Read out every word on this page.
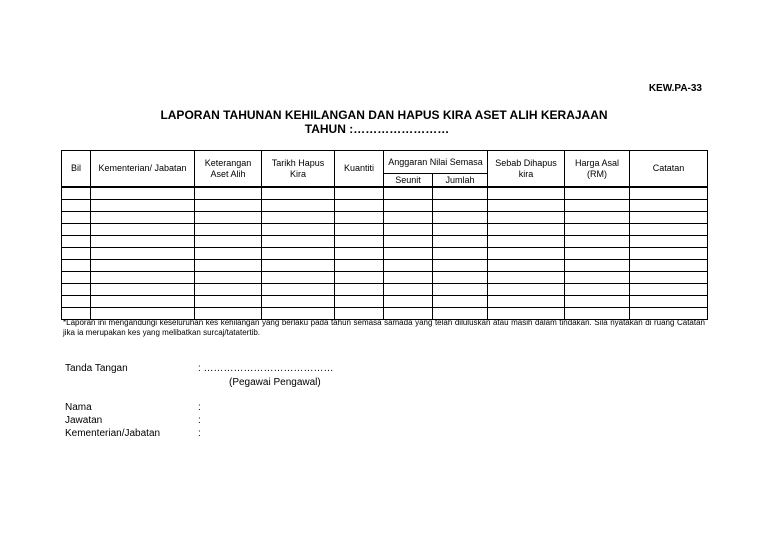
KEW.PA-33
LAPORAN TAHUNAN KEHILANGAN DAN HAPUS KIRA ASET ALIH KERAJAAN
TAHUN :……………………
Bil	Kementerian/ Jabatan	Keterangan Aset Alih	Tarikh Hapus Kira	Kuantiti	Anggaran Nilai Semasa		Sebab Dihapus kira	Harga Asal (RM)	Catatan
					Seunit	Jumlah			

*Laporan ini mengandungi keseluruhan kes kehilangan yang berlaku pada tahun semasa samada yang telah diluluskan atau masih dalam tindakan. Sila nyatakan di ruang Catatan jika ia merupakan kes yang melibatkan surcaj/tatatertib.
Tanda Tangan	: …………………………………
(Pegawai Pengawal)
Nama	:
Jawatan	:
Kementerian/Jabatan	:
